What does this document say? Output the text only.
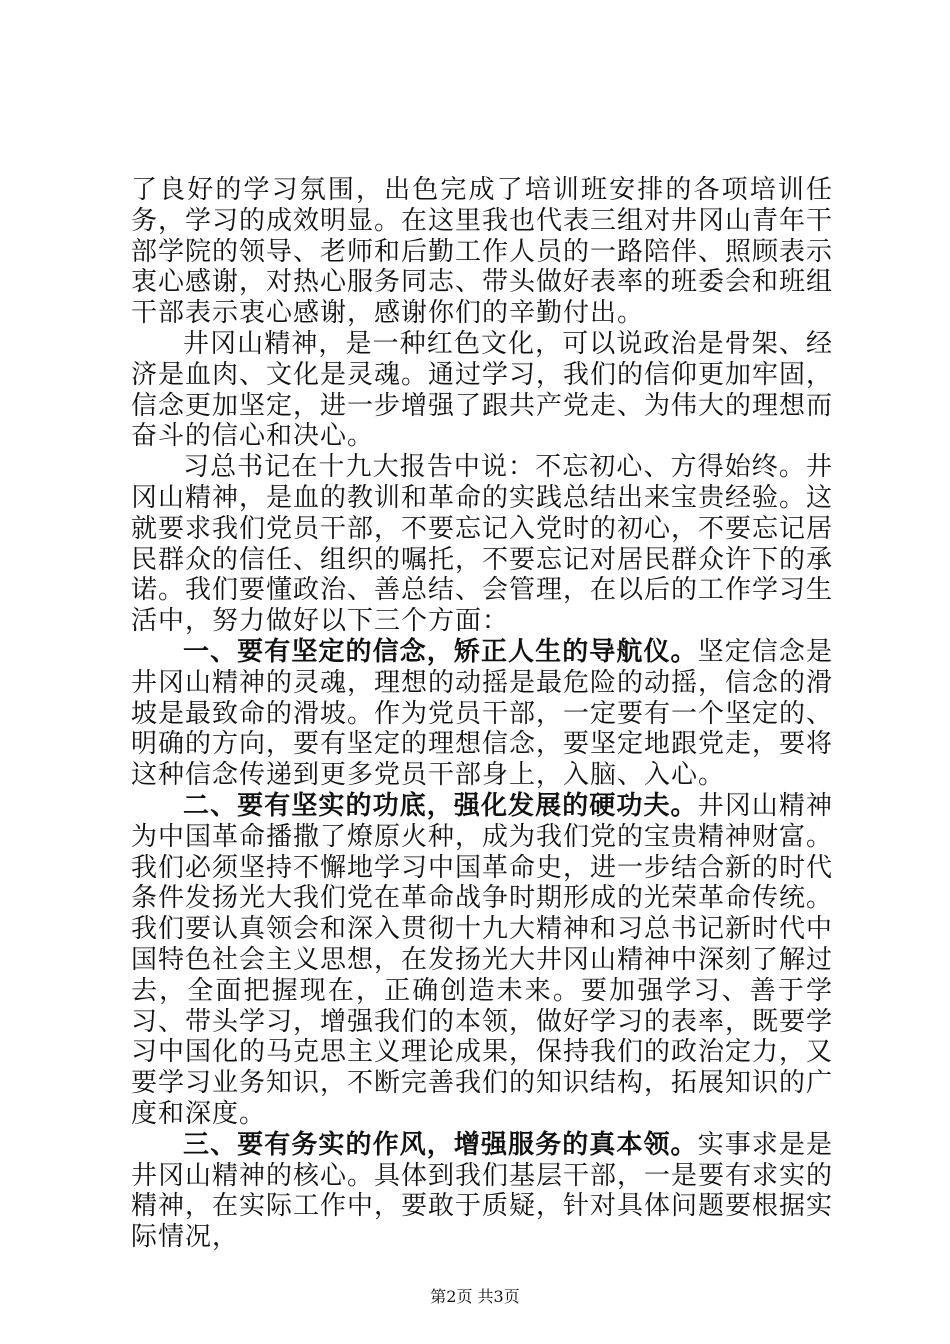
了良好的学习氛围，出色完成了培训班安排的各项培训任务，学习的成效明显。在这里我也代表三组对井冈山青年干部学院的领导、老师和后勤工作人员的一路陪伴、照顾表示衷心感谢，对热心服务同志、带头做好表率的班委会和班组干部表示衷心感谢，感谢你们的辛勤付出。

井冈山精神，是一种红色文化，可以说政治是骨架、经济是血肉、文化是灵魂。通过学习，我们的信仰更加牢固，信念更加坚定，进一步增强了跟共产党走、为伟大的理想而奋斗的信心和决心。

习总书记在十九大报告中说：不忘初心、方得始终。井冈山精神，是血的教训和革命的实践总结出来宝贵经验。这就要求我们党员干部，不要忘记入党时的初心，不要忘记居民群众的信任、组织的嘱托，不要忘记对居民群众许下的承诺。我们要懂政治、善总结、会管理，在以后的工作学习生活中，努力做好以下三个方面：

一、要有坚定的信念，矫正人生的导航仪。坚定信念是井冈山精神的灵魂，理想的动摇是最危险的动摇，信念的滑坡是最致命的滑坡。作为党员干部，一定要有一个坚定的、明确的方向，要有坚定的理想信念，要坚定地跟党走，要将这种信念传递到更多党员干部身上，入脑、入心。

二、要有坚实的功底，强化发展的硬功夫。井冈山精神为中国革命播撒了燎原火种，成为我们党的宝贵精神财富。我们必须坚持不懈地学习中国革命史，进一步结合新的时代条件发扬光大我们党在革命战争时期形成的光荣革命传统。我们要认真领会和深入贯彻十九大精神和习总书记新时代中国特色社会主义思想，在发扬光大井冈山精神中深刻了解过去，全面把握现在，正确创造未来。要加强学习、善于学习、带头学习，增强我们的本领，做好学习的表率，既要学习中国化的马克思主义理论成果，保持我们的政治定力，又要学习业务知识，不断完善我们的知识结构，拓展知识的广度和深度。

三、要有务实的作风，增强服务的真本领。实事求是是井冈山精神的核心。具体到我们基层干部，一是要有求实的精神，在实际工作中，要敢于质疑，针对具体问题要根据实际情况，

第2页 共3页
